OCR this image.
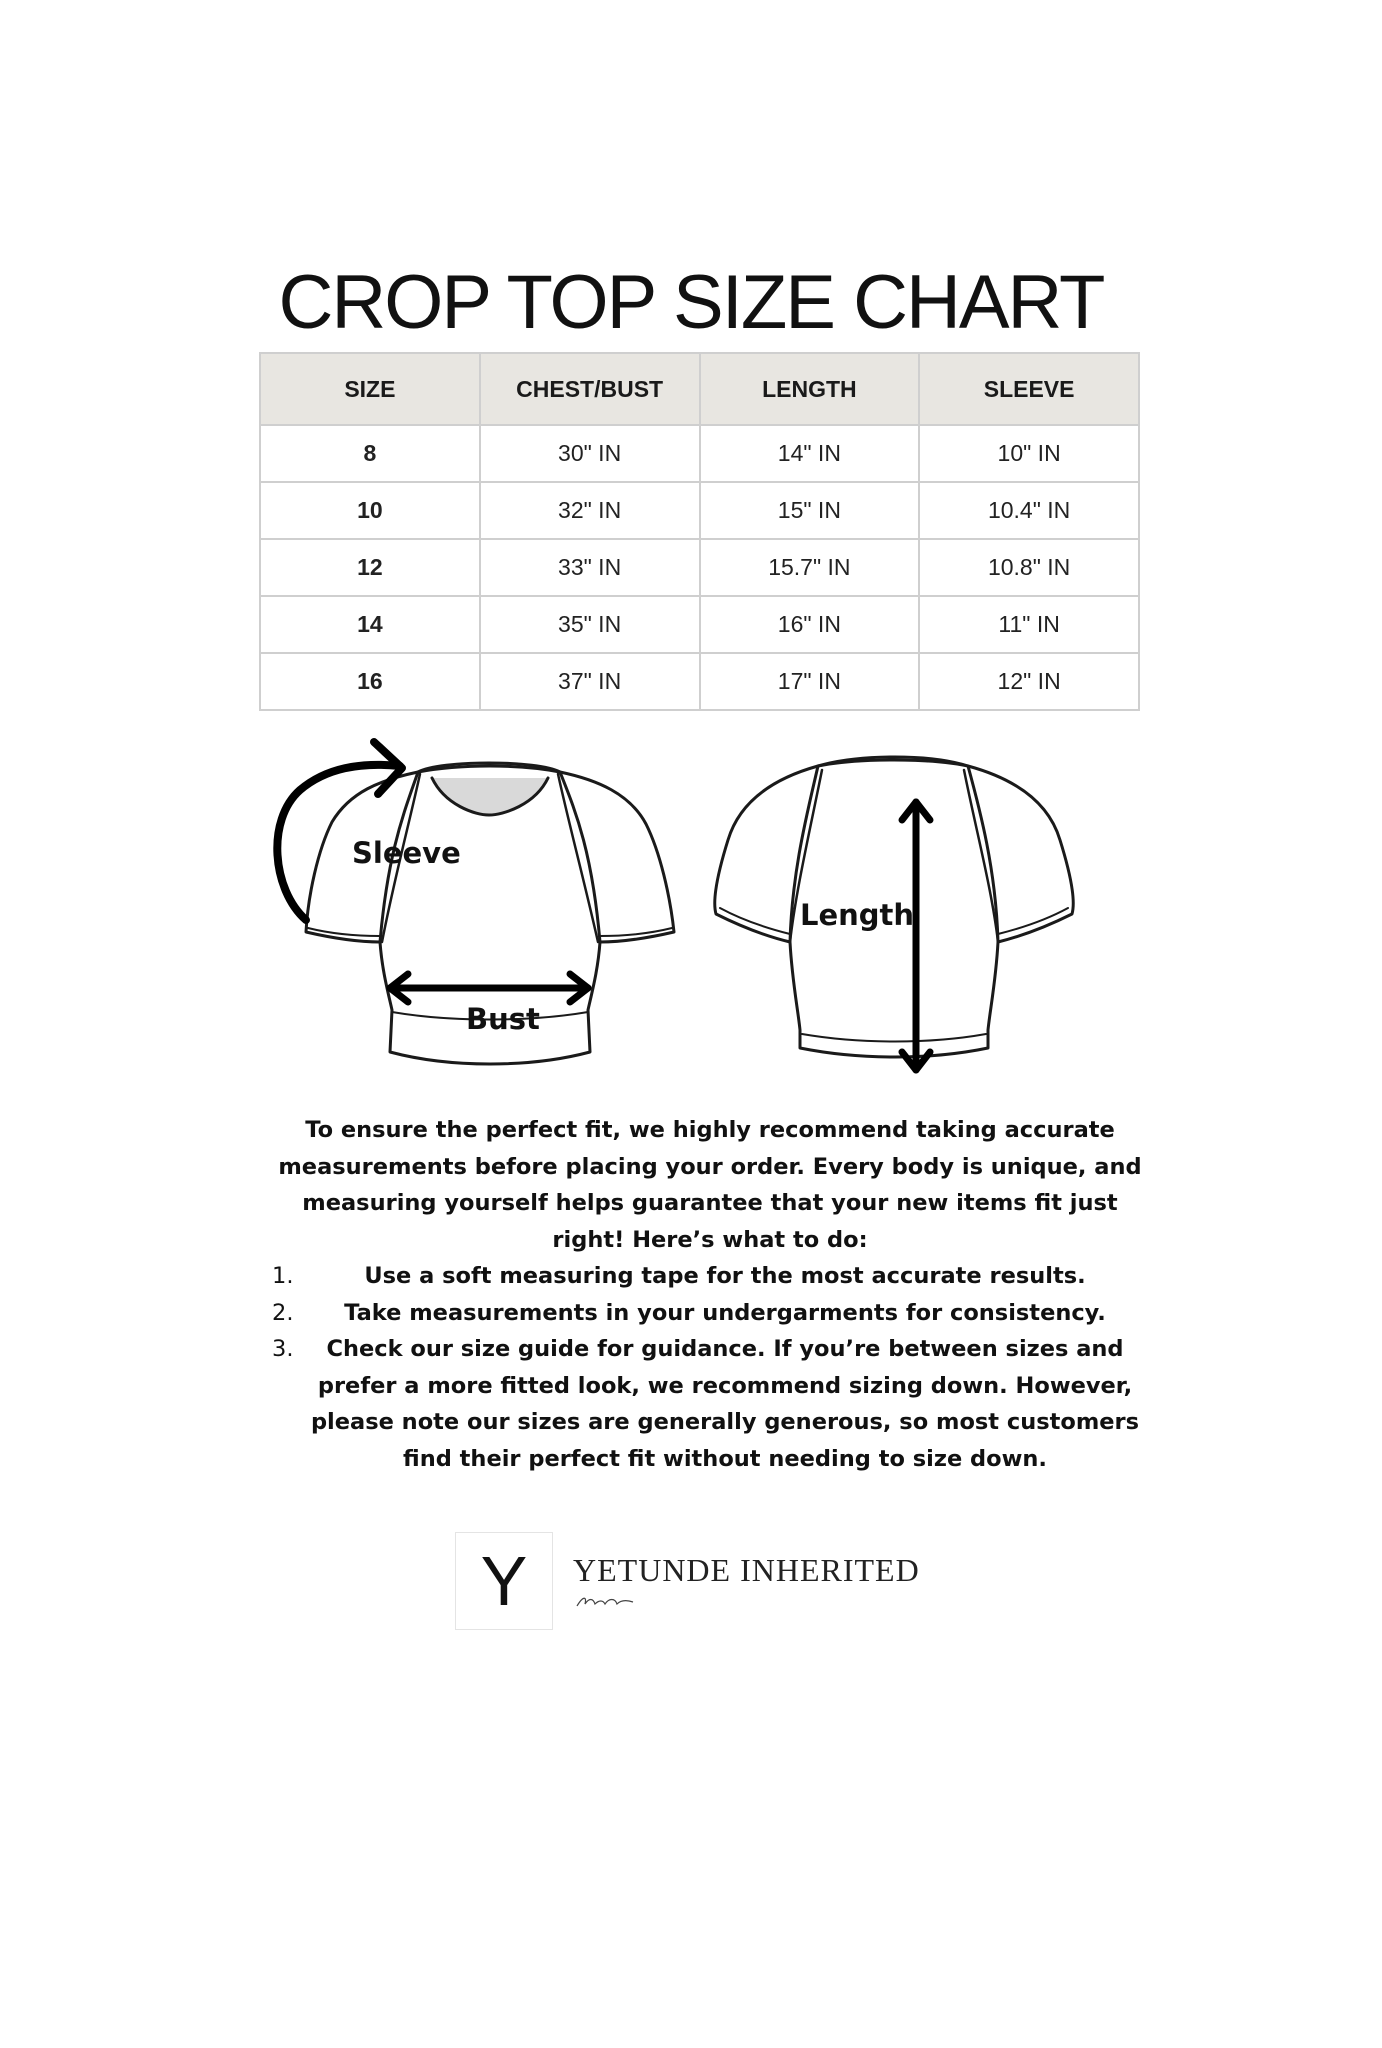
CROP TOP SIZE CHART
SIZE	CHEST/BUST	LENGTH	SLEEVE
8	30" IN	14" IN	10" IN
10	32" IN	15" IN	10.4" IN
12	33" IN	15.7" IN	10.8" IN
14	35" IN	16" IN	11" IN
16	37" IN	17" IN	12" IN
Sleeve
Bust
Length

To ensure the perfect fit, we highly recommend taking accurate measurements before placing your order. Every body is unique, and measuring yourself helps guarantee that your new items fit just right! Here’s what to do:

1.	Use a soft measuring tape for the most accurate results.
2. Take measurements in your undergarments for consistency.
3. Check our size guide for guidance. If you’re between sizes and prefer a more fitted look, we recommend sizing down. However, please note our sizes are generally generous, so most customers find their perfect fit without needing to size down.
Y	YETUNDE INHERITED
